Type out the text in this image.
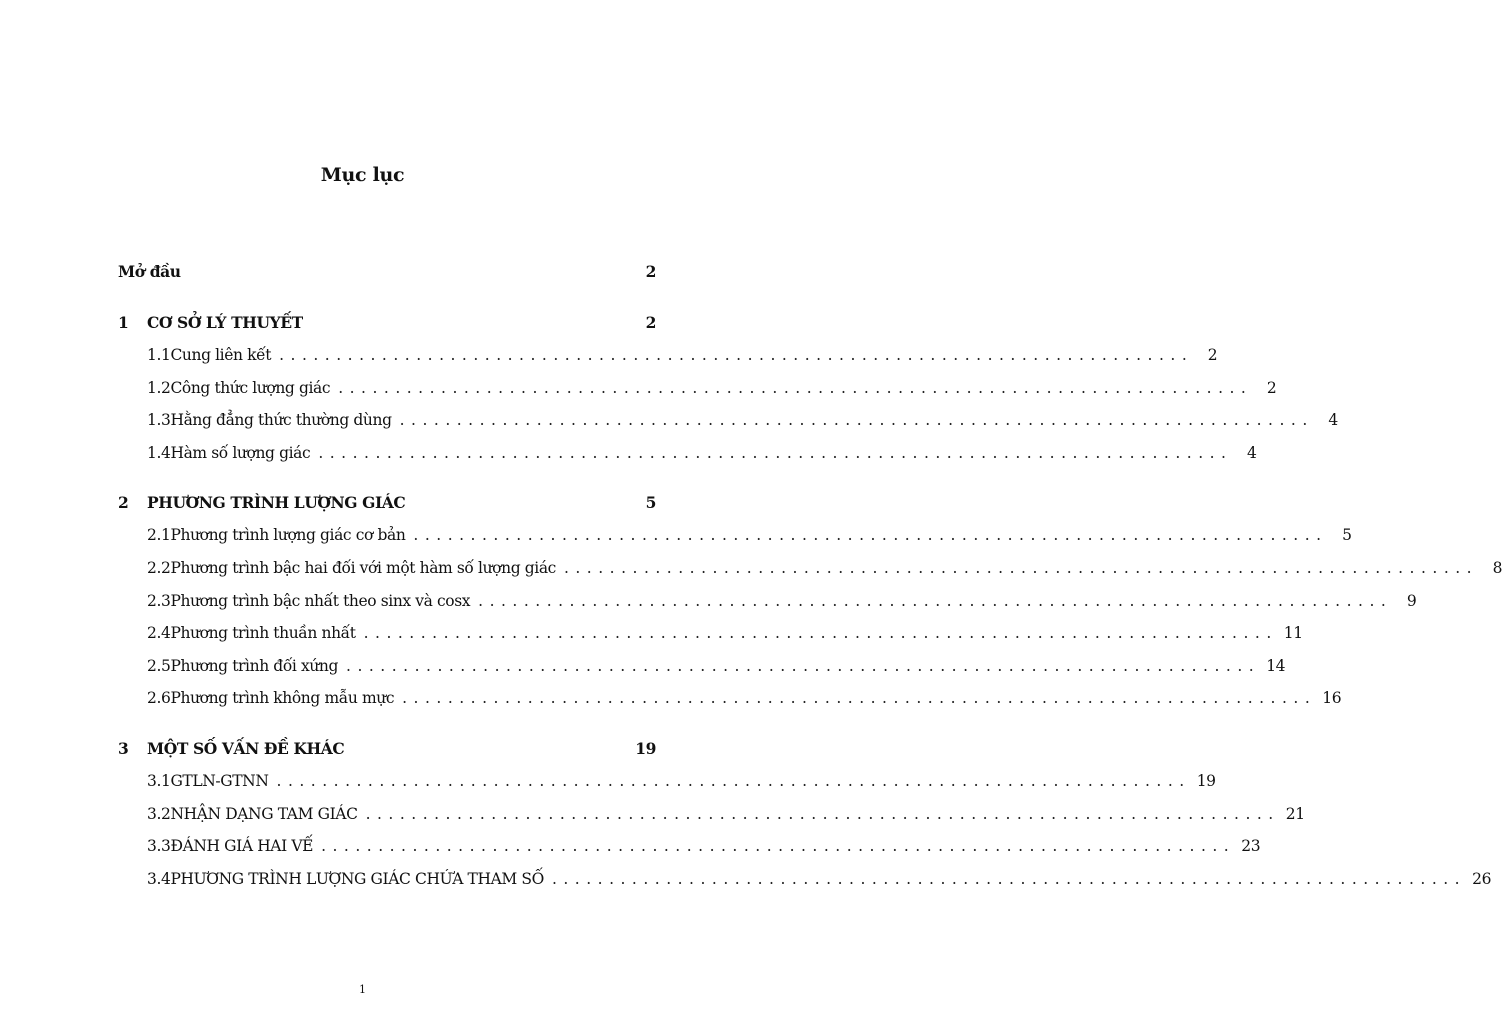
Mục lục
Mở đầu	2
1	CƠ SỞ LÝ THUYẾT	2
1.1 Cung liên kết ................................................................................ 2
1.2 Công thức lượng giác ................................................................................ 2
1.3 Hằng đẳng thức thường dùng ................................................................................ 4
1.4 Hàm số lượng giác ................................................................................ 4
2	PHƯƠNG TRÌNH LƯỢNG GIÁC	5
2.1 Phương trình lượng giác cơ bản ................................................................................ 5
2.2 Phương trình bậc hai đối với một hàm số lượng giác ................................................................................ 8
2.3 Phương trình bậc nhất theo sinx và cosx ................................................................................ 9
2.4 Phương trình thuần nhất ................................................................................ 11
2.5 Phương trình đối xứng ................................................................................ 14
2.6 Phương trình không mẫu mực ................................................................................ 16
3	MỘT SỐ VẤN ĐỀ KHÁC	19
3.1 GTLN-GTNN ................................................................................ 19
3.2 NHẬN DẠNG TAM GIÁC ................................................................................ 21
3.3 ĐÁNH GIÁ HAI VẾ ................................................................................ 23
3.4 PHƯƠNG TRÌNH LƯỢNG GIÁC CHỨA THAM SỐ ................................................................................ 26
1
